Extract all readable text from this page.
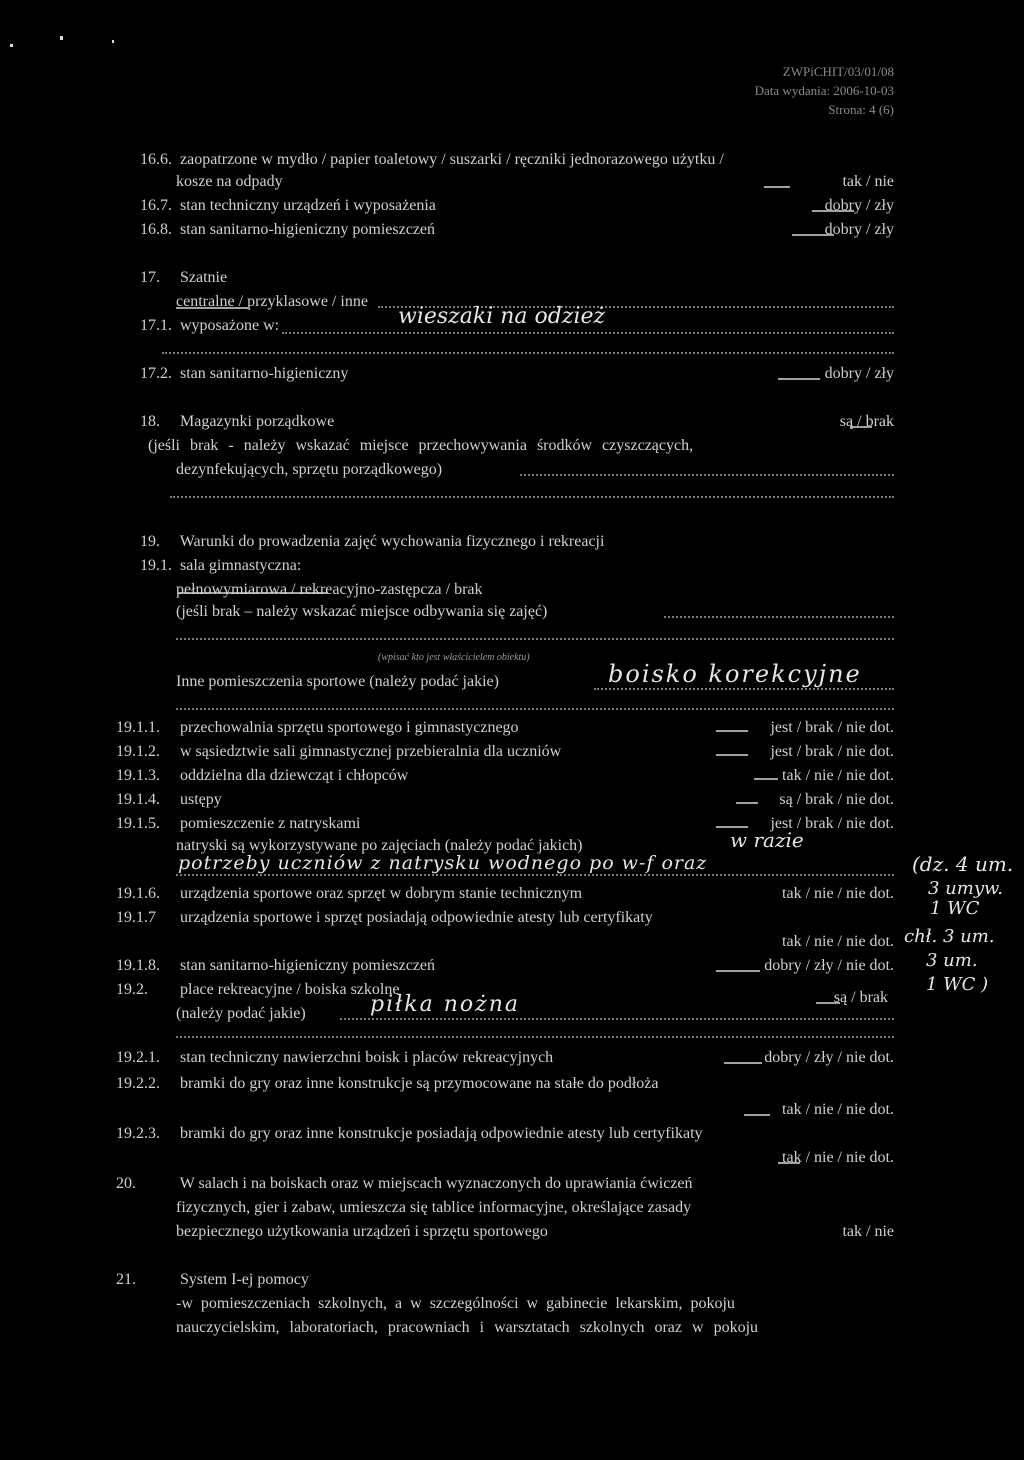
ZWPiCHIT/03/01/08
Data wydania: 2006-10-03
Strona: 4 (6)
16.6. zaopatrzone w mydło / papier toaletowy / suszarki / ręczniki jednorazowego użytku /
kosze na odpady	tak / nie
16.7. stan techniczny urządzeń i wyposażenia	dobry / zły
16.8. stan sanitarno-higieniczny pomieszczeń	dobry / zły
17. Szatnie
centralne / przyklasowe / inne
17.1. wyposażone w:	wieszaki na odzież
17.2. stan sanitarno-higieniczny	dobry / zły
18. Magazynki porządkowe	są / brak
(jeśli brak - należy wskazać miejsce przechowywania środków czyszczących,
dezynfekujących, sprzętu porządkowego)
19. Warunki do prowadzenia zajęć wychowania fizycznego i rekreacji
19.1. sala gimnastyczna:
pełnowymiarowa / rekreacyjno-zastępcza / brak
(jeśli brak – należy wskazać miejsce odbywania się zajęć)
(wpisać kto jest właścicielem obiektu)
Inne pomieszczenia sportowe (należy podać jakie)	boisko korekcyjne
19.1.1. przechowalnia sprzętu sportowego i gimnastycznego	jest / brak / nie dot.
19.1.2. w sąsiedztwie sali gimnastycznej przebieralnia dla uczniów	jest / brak / nie dot.
19.1.3. oddzielna dla dziewcząt i chłopców	tak / nie / nie dot.
19.1.4. ustępy	są / brak / nie dot.
19.1.5. pomieszczenie z natryskami	jest / brak / nie dot.
natryski są wykorzystywane po zajęciach (należy podać jakich)	w razie
potrzeby uczniów z natrysku wodnego po w-f oraz
19.1.6. urządzenia sportowe oraz sprzęt w dobrym stanie technicznym	tak / nie / nie dot.
19.1.7 urządzenia sportowe i sprzęt posiadają odpowiednie atesty lub certyfikaty
tak / nie / nie dot.
19.1.8. stan sanitarno-higieniczny pomieszczeń	dobry / zły / nie dot.
19.2. place rekreacyjne / boiska szkolne	są / brak
(należy podać jakie)	piłka nożna
19.2.1. stan techniczny nawierzchni boisk i placów rekreacyjnych	dobry / zły / nie dot.
19.2.2. bramki do gry oraz inne konstrukcje są przymocowane na stałe do podłoża
tak / nie / nie dot.
19.2.3. bramki do gry oraz inne konstrukcje posiadają odpowiednie atesty lub certyfikaty
tak / nie / nie dot.
20.	W salach i na boiskach oraz w miejscach wyznaczonych do uprawiania ćwiczeń
fizycznych, gier i zabaw, umieszcza się tablice informacyjne, określające zasady
bezpiecznego użytkowania urządzeń i sprzętu sportowego	tak / nie
21.	System I-ej pomocy
-w pomieszczeniach szkolnych, a w szczególności w gabinecie lekarskim, pokoju
nauczycielskim, laboratoriach, pracowniach i warsztatach szkolnych oraz w pokoju
(dz. 4 um.
3 umyw.
1 WC
chł. 3 um.
3 um.
1 WC )
